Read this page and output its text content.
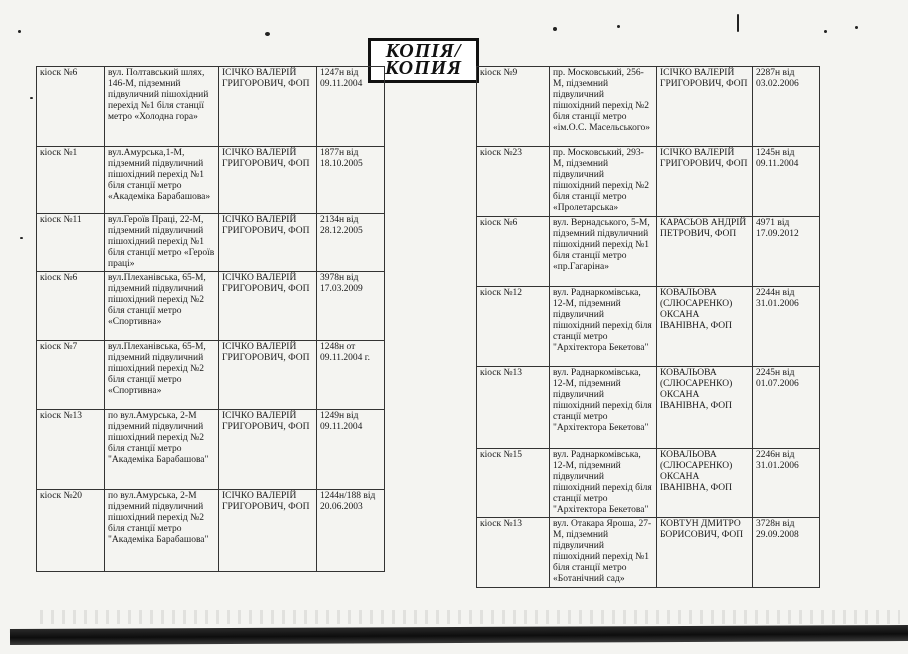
КОПІЯ/
КОПИЯ
кіоск №6	вул. Полтавський шлях, 146-М, підземний підвуличний пішохідний перехід №1 біля станції метро «Холодна гора»	ІСІЧКО ВАЛЕРІЙ ГРИГОРОВИЧ, ФОП	1247н від 09.11.2004
кіоск №1	вул.Амурська,1-М, підземний підвуличний пішохідний перехід №1 біля станції метро «Академіка Барабашова»	ІСІЧКО ВАЛЕРІЙ ГРИГОРОВИЧ, ФОП	1877н від 18.10.2005
кіоск №11	вул.Героїв Праці, 22-М, підземний підвуличний пішохідний перехід №1 біля станції метро «Героїв праці»	ІСІЧКО ВАЛЕРІЙ ГРИГОРОВИЧ, ФОП	2134н від 28.12.2005
кіоск №6	вул.Плеханівська, 65-М, підземний підвуличний пішохідний перехід №2 біля станції метро «Спортивна»	ІСІЧКО ВАЛЕРІЙ ГРИГОРОВИЧ, ФОП	3978н від 17.03.2009
кіоск №7	вул.Плеханівська, 65-М, підземний підвуличний пішохідний перехід №2 біля станції метро «Спортивна»	ІСІЧКО ВАЛЕРІЙ ГРИГОРОВИЧ, ФОП	1248н от 09.11.2004 г.
кіоск №13	по вул.Амурська, 2-М підземний підвуличний пішохідний перехід №2 біля станції метро "Академіка Барабашова"	ІСІЧКО ВАЛЕРІЙ ГРИГОРОВИЧ, ФОП	1249н від 09.11.2004
кіоск №20	по вул.Амурська, 2-М підземний підвуличний пішохідний перехід №2 біля станції метро "Академіка Барабашова"	ІСІЧКО ВАЛЕРІЙ ГРИГОРОВИЧ, ФОП	1244н/188 від 20.06.2003
кіоск №9	пр. Московський, 256-М, підземний підвуличний пішохідний перехід №2 біля станції метро «ім.О.С. Масельського»	ІСІЧКО ВАЛЕРІЙ ГРИГОРОВИЧ, ФОП	2287н від 03.02.2006
кіоск №23	пр. Московський, 293-М, підземний підвуличний пішохідний перехід №2 біля станції метро «Пролетарська»	ІСІЧКО ВАЛЕРІЙ ГРИГОРОВИЧ, ФОП	1245н від 09.11.2004
кіоск №6	вул. Вернадського, 5-М, підземний підвуличний пішохідний перехід №1 біля станції метро «пр.Гагаріна»	КАРАСЬОВ АНДРІЙ ПЕТРОВИЧ, ФОП	4971 від 17.09.2012
кіоск №12	вул. Раднаркомівська, 12-М, підземний підвуличний пішохідний перехід біля станції метро "Архітектора Бекетова"	КОВАЛЬОВА (СЛЮСАРЕНКО) ОКСАНА ІВАНІВНА, ФОП	2244н від 31.01.2006
кіоск №13	вул. Раднаркомівська, 12-М, підземний підвуличний пішохідний перехід біля станції метро "Архітектора Бекетова"	КОВАЛЬОВА (СЛЮСАРЕНКО) ОКСАНА ІВАНІВНА, ФОП	2245н від 01.07.2006
кіоск №15	вул. Раднаркомівська, 12-М, підземний підвуличний пішохідний перехід біля станції метро "Архітектора Бекетова"	КОВАЛЬОВА (СЛЮСАРЕНКО) ОКСАНА ІВАНІВНА, ФОП	2246н від 31.01.2006
кіоск №13	вул. Отакара Яроша, 27-М, підземний підвуличний пішохідний перехід №1 біля станції метро «Ботанічний сад»	КОВТУН ДМИТРО БОРИСОВИЧ, ФОП	3728н від 29.09.2008
